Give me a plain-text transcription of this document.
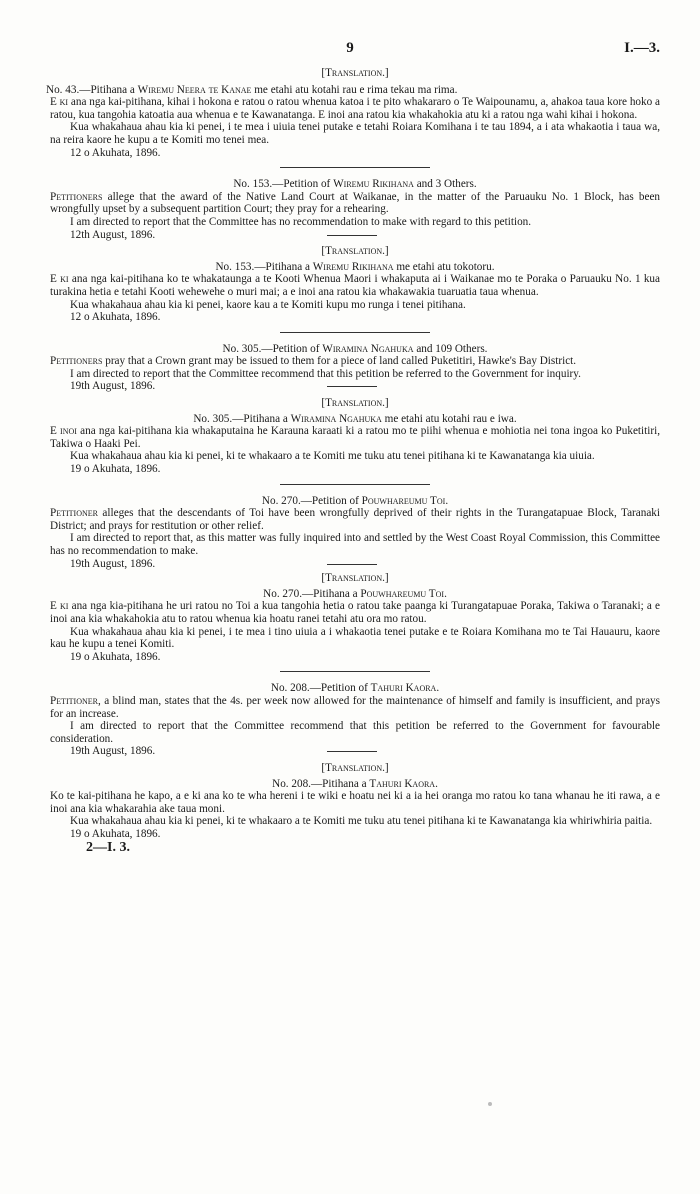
9	I.—3.
[Translation.]

No. 43.—Pitihana a Wiremu Neera te Kanae me etahi atu kotahi rau e rima tekau ma rima.

E ki ana nga kai-pitihana, kihai i hokona e ratou o ratou whenua katoa i te pito whakararo o Te Waipounamu, a, ahakoa taua kore hoko a ratou, kua tangohia katoatia aua whenua e te Kawanatanga. E inoi ana ratou kia whakahokia atu ki a ratou nga wahi kihai i hokona.

Kua whakahaua ahau kia ki penei, i te mea i uiuia tenei putake e tetahi Roiara Komihana i te tau 1894, a i ata whakaotia i taua wa, na reira kaore he kupu a te Komiti mo tenei mea.

12 o Akuhata, 1896.

No. 153.—Petition of Wiremu Rikihana and 3 Others.

Petitioners allege that the award of the Native Land Court at Waikanae, in the matter of the Paruauku No. 1 Block, has been wrongfully upset by a subsequent partition Court; they pray for a rehearing.

I am directed to report that the Committee has no recommendation to make with regard to this petition.

12th August, 1896.
[Translation.]

No. 153.—Pitihana a Wiremu Rikihana me etahi atu tokotoru.

E ki ana nga kai-pitihana ko te whakataunga a te Kooti Whenua Maori i whakaputa ai i Waikanae mo te Poraka o Paruauku No. 1 kua turakina hetia e tetahi Kooti wehewehe o muri mai; a e inoi ana ratou kia whakawakia tuaruatia taua whenua.

Kua whakahaua ahau kia ki penei, kaore kau a te Komiti kupu mo runga i tenei pitihana.

12 o Akuhata, 1896.

No. 305.—Petition of Wiramina Ngahuka and 109 Others.

Petitioners pray that a Crown grant may be issued to them for a piece of land called Puketitiri, Hawke's Bay District.

I am directed to report that the Committee recommend that this petition be referred to the Government for inquiry.

19th August, 1896.
[Translation.]

No. 305.—Pitihana a Wiramina Ngahuka me etahi atu kotahi rau e iwa.

E inoi ana nga kai-pitihana kia whakaputaina he Karauna karaati ki a ratou mo te piihi whenua e mohiotia nei tona ingoa ko Puketitiri, Takiwa o Haaki Pei.

Kua whakahaua ahau kia ki penei, ki te whakaaro a te Komiti me tuku atu tenei pitihana ki te Kawanatanga kia uiuia.

19 o Akuhata, 1896.

No. 270.—Petition of Pouwhareumu Toi.

Petitioner alleges that the descendants of Toi have been wrongfully deprived of their rights in the Turangatapuae Block, Taranaki District; and prays for restitution or other relief.

I am directed to report that, as this matter was fully inquired into and settled by the West Coast Royal Commission, this Committee has no recommendation to make.

19th August, 1896.
[Translation.]

No. 270.—Pitihana a Pouwhareumu Toi.

E ki ana nga kia-pitihana he uri ratou no Toi a kua tangohia hetia o ratou take paanga ki Turangatapuae Poraka, Takiwa o Taranaki; a e inoi ana kia whakahokia atu to ratou whenua kia hoatu ranei tetahi atu ora mo ratou.

Kua whakahaua ahau kia ki penei, i te mea i tino uiuia a i whakaotia tenei putake e te Roiara Komihana mo te Tai Hauauru, kaore kau he kupu a tenei Komiti.

19 o Akuhata, 1896.

No. 208.—Petition of Tahuri Kaora.

Petitioner, a blind man, states that the 4s. per week now allowed for the maintenance of himself and family is insufficient, and prays for an increase.

I am directed to report that the Committee recommend that this petition be referred to the Government for favourable consideration.

19th August, 1896.
[Translation.]

No. 208.—Pitihana a Tahuri Kaora.

Ko te kai-pitihana he kapo, a e ki ana ko te wha hereni i te wiki e hoatu nei ki a ia hei oranga mo ratou ko tana whanau he iti rawa, a e inoi ana kia whakarahia ake taua moni.

Kua whakahaua ahau kia ki penei, ki te whakaaro a te Komiti me tuku atu tenei pitihana ki te Kawanatanga kia whiriwhiria paitia.

19 o Akuhata, 1896.
2—I. 3.
